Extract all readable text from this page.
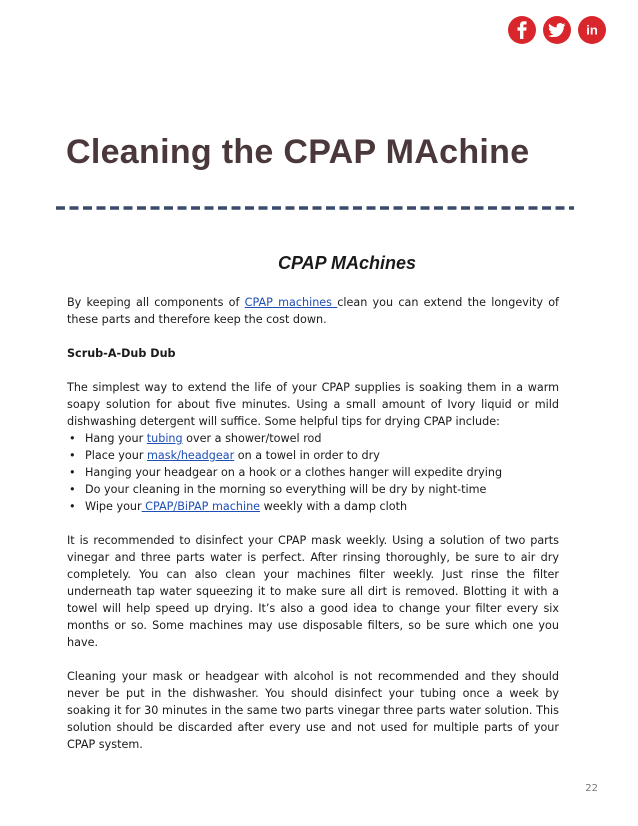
in
Cleaning the CPAP MAchine
CPAP MAchines

By keeping all components of CPAP machines clean you can extend the longevity of these parts and therefore keep the cost down.

Scrub-A-Dub Dub

The simplest way to extend the life of your CPAP supplies is soaking them in a warm soapy solution for about five minutes. Using a small amount of Ivory liquid or mild dishwashing detergent will suffice. Some helpful tips for drying CPAP include:

• Hang your tubing over a shower/towel rod
• Place your mask/headgear on a towel in order to dry
• Hanging your headgear on a hook or a clothes hanger will expedite drying
• Do your cleaning in the morning so everything will be dry by night-time
• Wipe your CPAP/BiPAP machine weekly with a damp cloth

It is recommended to disinfect your CPAP mask weekly. Using a solution of two parts vinegar and three parts water is perfect. After rinsing thoroughly, be sure to air dry completely. You can also clean your machines filter weekly. Just rinse the filter underneath tap water squeezing it to make sure all dirt is removed. Blotting it with a towel will help speed up drying. It’s also a good idea to change your filter every six months or so. Some machines may use disposable filters, so be sure which one you have.

Cleaning your mask or headgear with alcohol is not recommended and they should never be put in the dishwasher. You should disinfect your tubing once a week by soaking it for 30 minutes in the same two parts vinegar three parts water solution. This solution should be discarded after every use and not used for multiple parts of your CPAP system.

22
